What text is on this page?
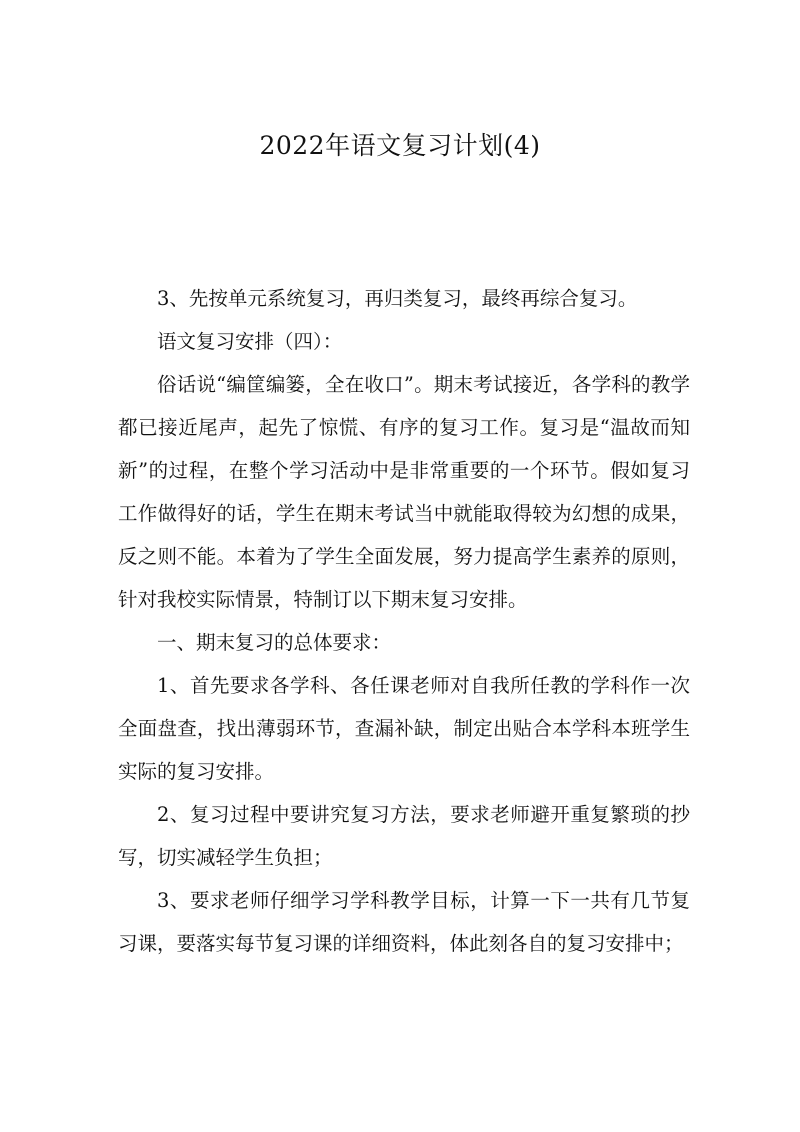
2022年语文复习计划(4)

3、先按单元系统复习，再归类复习，最终再综合复习。

语文复习安排（四）：

俗话说“编筐编篓，全在收口”。期末考试接近，各学科的教学都已接近尾声，起先了惊慌、有序的复习工作。复习是“温故而知新”的过程，在整个学习活动中是非常重要的一个环节。假如复习工作做得好的话，学生在期末考试当中就能取得较为幻想的成果，反之则不能。本着为了学生全面发展，努力提高学生素养的原则，针对我校实际情景，特制订以下期末复习安排。

一、期末复习的总体要求：

1、首先要求各学科、各任课老师对自我所任教的学科作一次全面盘查，找出薄弱环节，查漏补缺，制定出贴合本学科本班学生实际的复习安排。

2、复习过程中要讲究复习方法，要求老师避开重复繁琐的抄写，切实减轻学生负担；

3、要求老师仔细学习学科教学目标，计算一下一共有几节复习课，要落实每节复习课的详细资料，体此刻各自的复习安排中；
